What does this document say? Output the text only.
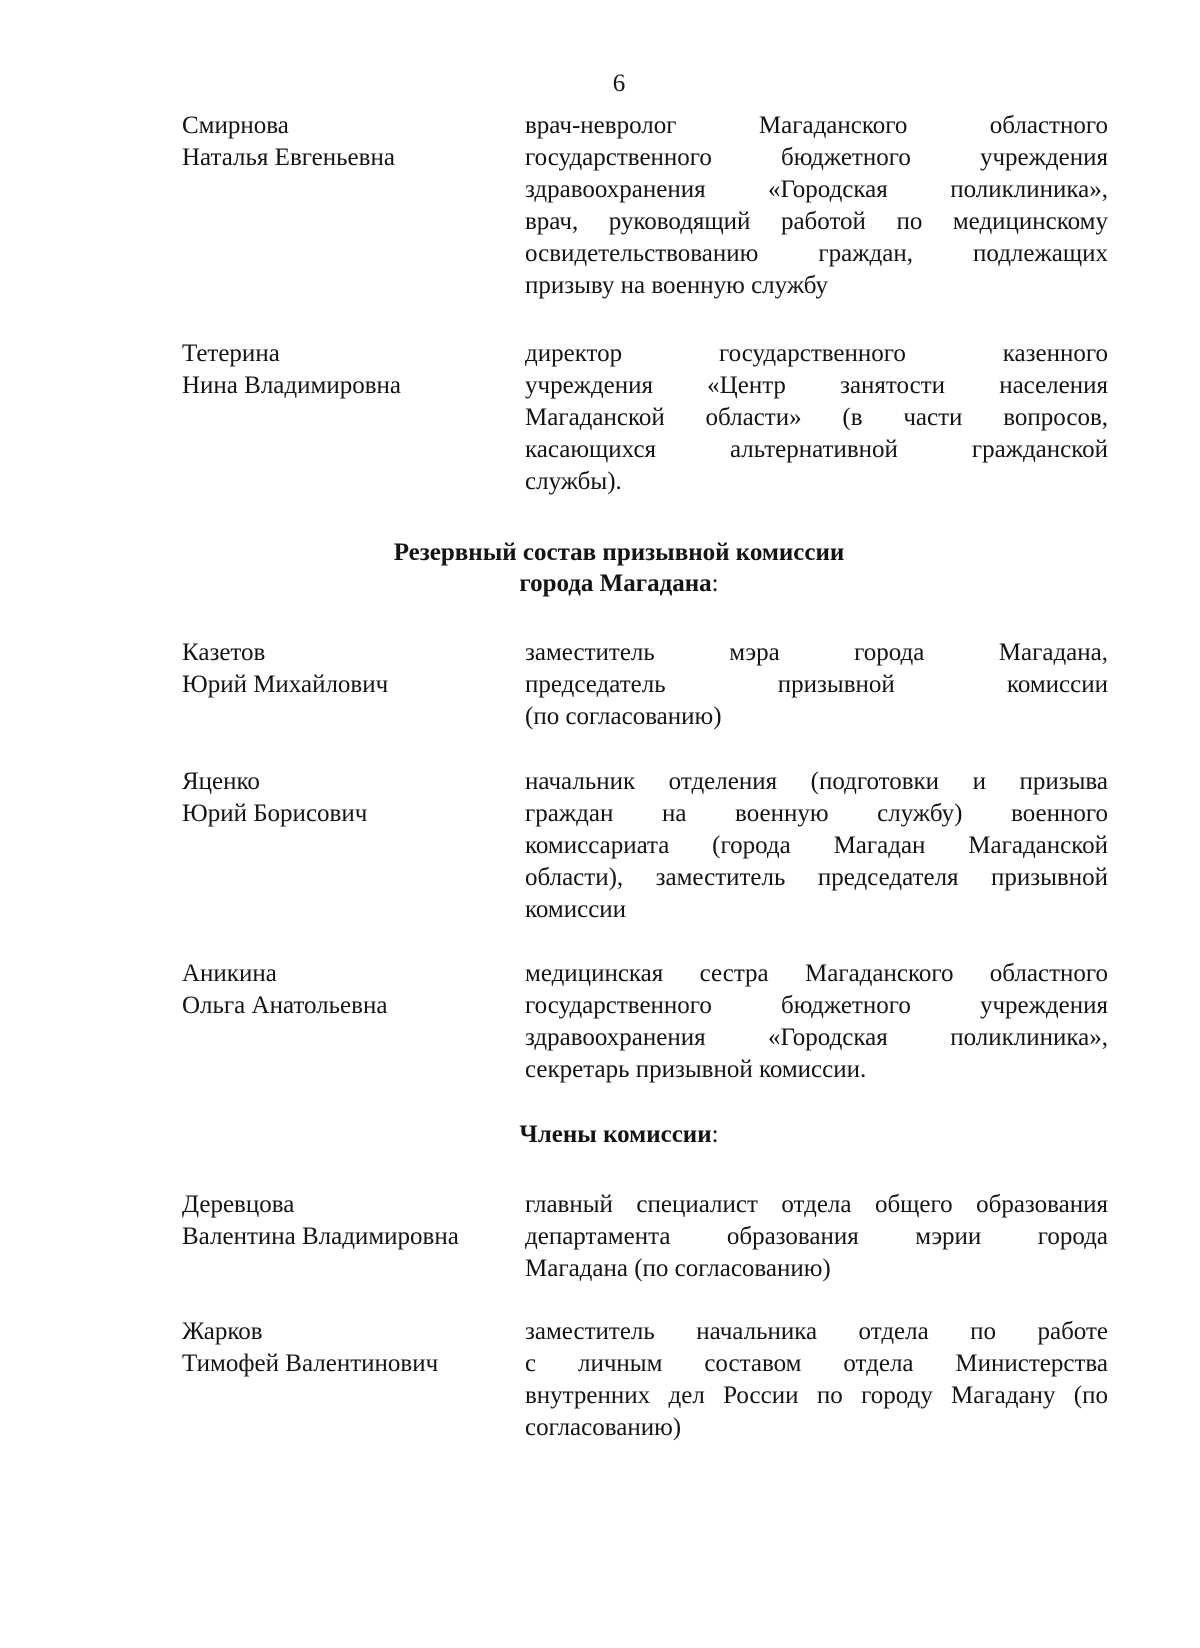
6
Смирнова
Наталья Евгеньевна
врач-невролог Магаданского областного
государственного бюджетного учреждения
здравоохранения «Городская поликлиника»,
врач, руководящий работой по медицинскому
освидетельствованию граждан, подлежащих
призыву на военную службу
Тетерина
Нина Владимировна
директор государственного казенного
учреждения «Центр занятости населения
Магаданской области» (в части вопросов,
касающихся альтернативной гражданской
службы).
Резервный состав призывной комиссии
города Магадана:
Казетов
Юрий Михайлович
заместитель мэра города Магадана,
председатель призывной комиссии
(по согласованию)
Яценко
Юрий Борисович
начальник отделения (подготовки и призыва
граждан на военную службу) военного
комиссариата (города Магадан Магаданской
области), заместитель председателя призывной
комиссии
Аникина
Ольга Анатольевна
медицинская сестра Магаданского областного
государственного бюджетного учреждения
здравоохранения «Городская поликлиника»,
секретарь призывной комиссии.
Члены комиссии:
Деревцова
Валентина Владимировна
главный специалист отдела общего образования
департамента образования мэрии города
Магадана (по согласованию)
Жарков
Тимофей Валентинович
заместитель начальника отдела по работе
с личным составом отдела Министерства
внутренних дел России по городу Магадану (по
согласованию)
